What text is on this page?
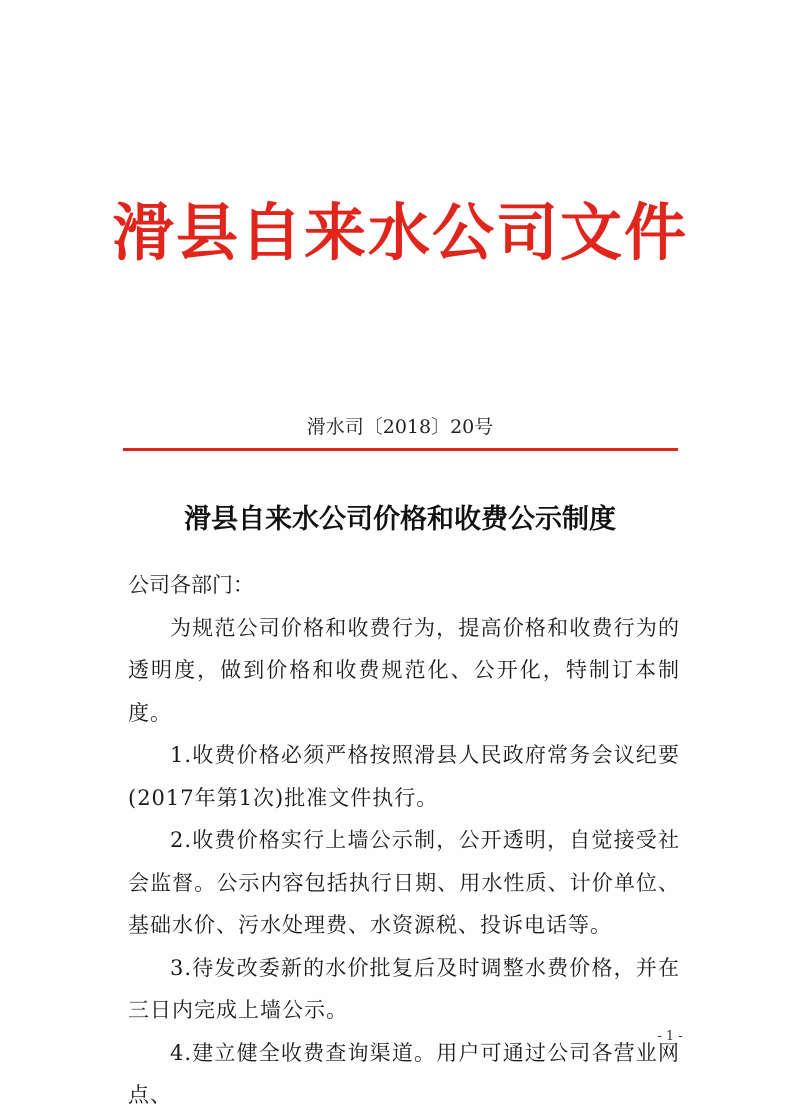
滑县自来水公司文件
滑水司〔2018〕20号
滑县自来水公司价格和收费公示制度

公司各部门：

为规范公司价格和收费行为，提高价格和收费行为的透明度，做到价格和收费规范化、公开化，特制订本制度。

1.收费价格必须严格按照滑县人民政府常务会议纪要(2017年第1次)批准文件执行。

2.收费价格实行上墙公示制，公开透明，自觉接受社会监督。公示内容包括执行日期、用水性质、计价单位、基础水价、污水处理费、水资源税、投诉电话等。

3.待发改委新的水价批复后及时调整水费价格，并在三日内完成上墙公示。

4.建立健全收费查询渠道。用户可通过公司各营业网点、

- 1 -
